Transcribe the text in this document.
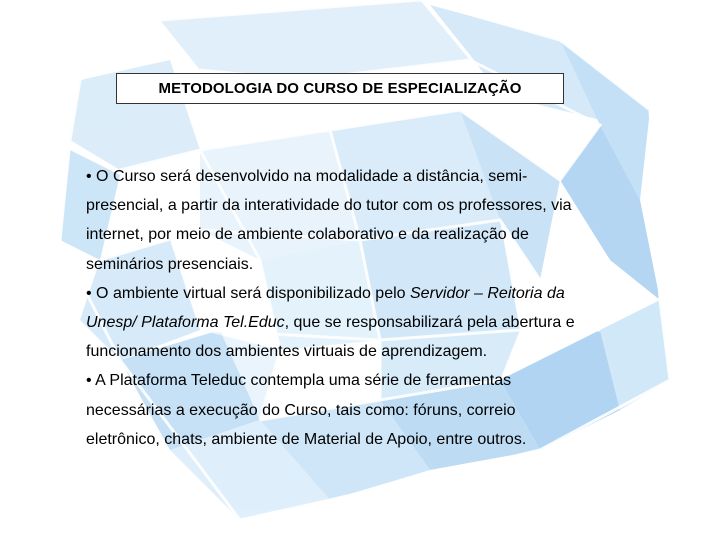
METODOLOGIA DO CURSO DE ESPECIALIZAÇÃO
• O Curso será desenvolvido na modalidade a distância, semi-
presencial, a partir da interatividade do tutor com os professores, via
internet, por meio de ambiente colaborativo e da realização de
seminários presenciais.
• O ambiente virtual será disponibilizado pelo Servidor – Reitoria da
Unesp/ Plataforma Tel.Educ, que se responsabilizará pela abertura e
funcionamento dos ambientes virtuais de aprendizagem.
• A Plataforma Teleduc contempla uma série de ferramentas
necessárias a execução do Curso, tais como: fóruns, correio
eletrônico, chats, ambiente de Material de Apoio, entre outros.
